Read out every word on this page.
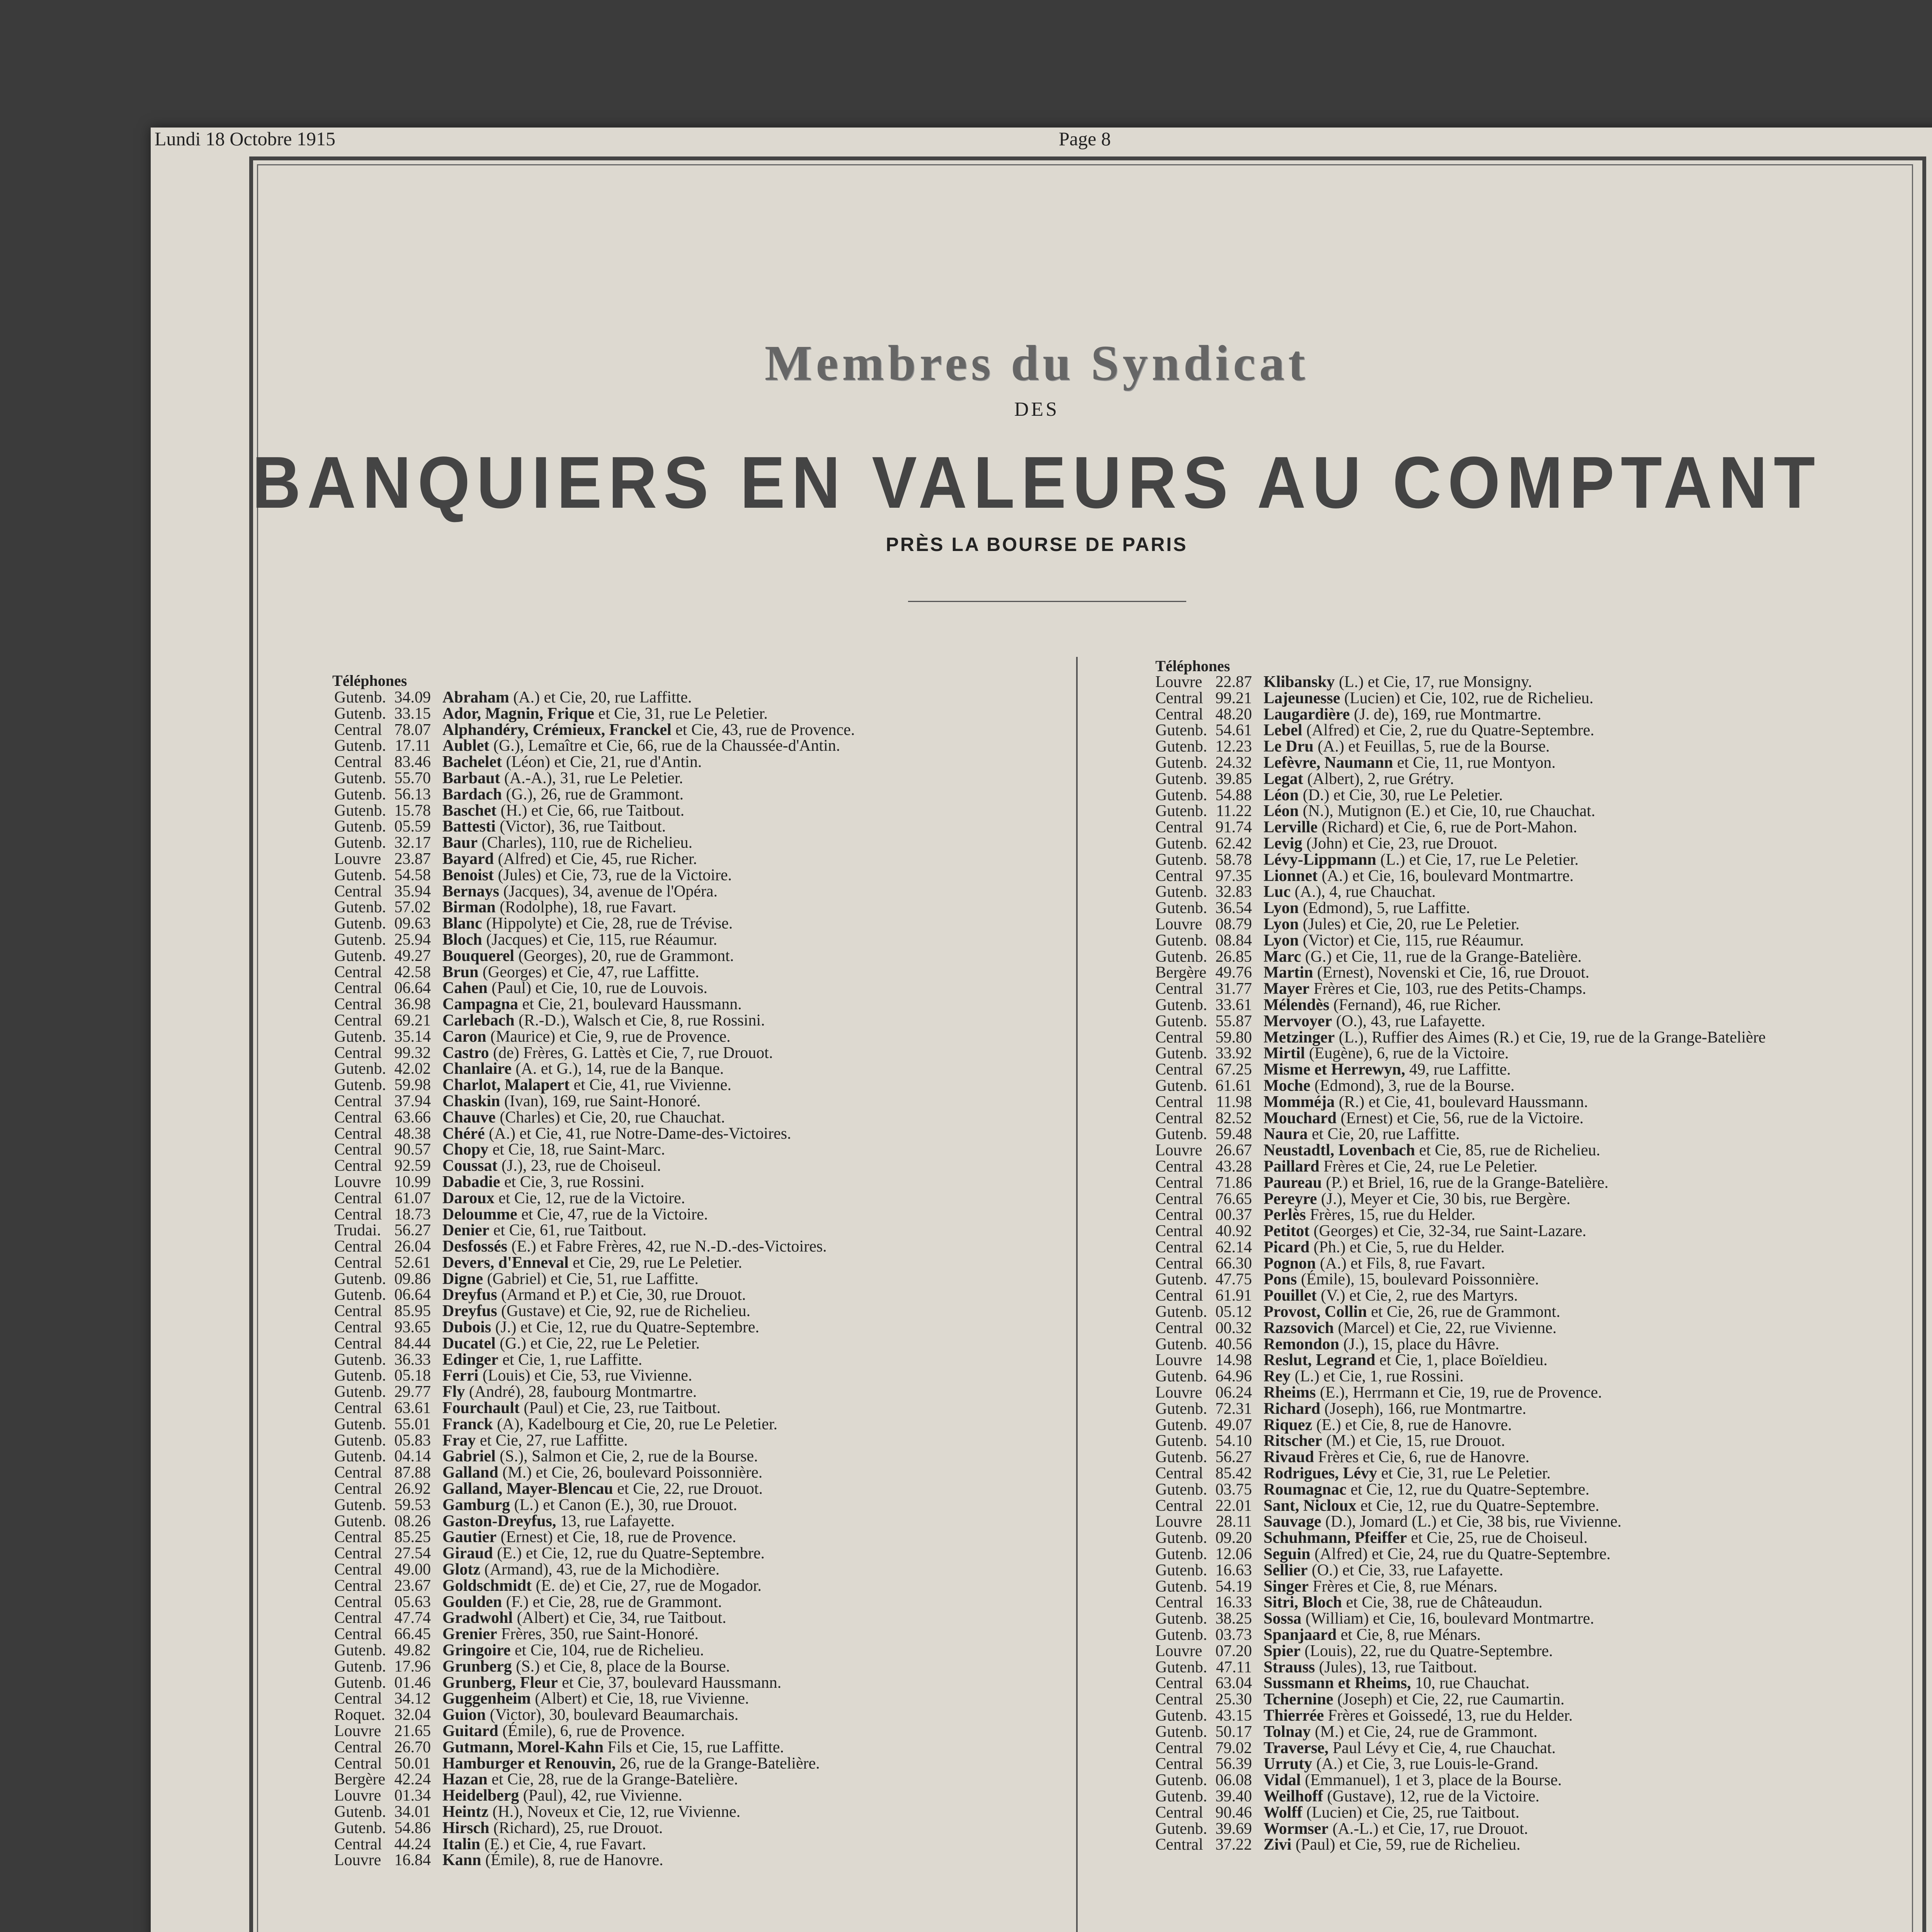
Lundi 18 Octobre 1915	Page 8
Membres du Syndicat
DES
BANQUIERS EN VALEURS AU COMPTANT
PRÈS LA BOURSE DE PARIS
Téléphones
Téléphones
Gutenb. 34.09 Abraham (A.) et Cie, 20, rue Laffitte.
Gutenb. 33.15 Ador, Magnin, Frique et Cie, 31, rue Le Peletier.
Central 78.07 Alphandéry, Crémieux, Franckel et Cie, 43, rue de Provence.
Gutenb. 17.11 Aublet (G.), Lemaître et Cie, 66, rue de la Chaussée-d'Antin.
Central 83.46 Bachelet (Léon) et Cie, 21, rue d'Antin.
Gutenb. 55.70 Barbaut (A.-A.), 31, rue Le Peletier.
Gutenb. 56.13 Bardach (G.), 26, rue de Grammont.
Gutenb. 15.78 Baschet (H.) et Cie, 66, rue Taitbout.
Gutenb. 05.59 Battesti (Victor), 36, rue Taitbout.
Gutenb. 32.17 Baur (Charles), 110, rue de Richelieu.
Louvre 23.87 Bayard (Alfred) et Cie, 45, rue Richer.
Gutenb. 54.58 Benoist (Jules) et Cie, 73, rue de la Victoire.
Central 35.94 Bernays (Jacques), 34, avenue de l'Opéra.
Gutenb. 57.02 Birman (Rodolphe), 18, rue Favart.
Gutenb. 09.63 Blanc (Hippolyte) et Cie, 28, rue de Trévise.
Gutenb. 25.94 Bloch (Jacques) et Cie, 115, rue Réaumur.
Gutenb. 49.27 Bouquerel (Georges), 20, rue de Grammont.
Central 42.58 Brun (Georges) et Cie, 47, rue Laffitte.
Central 06.64 Cahen (Paul) et Cie, 10, rue de Louvois.
Central 36.98 Campagna et Cie, 21, boulevard Haussmann.
Central 69.21 Carlebach (R.-D.), Walsch et Cie, 8, rue Rossini.
Gutenb. 35.14 Caron (Maurice) et Cie, 9, rue de Provence.
Central 99.32 Castro (de) Frères, G. Lattès et Cie, 7, rue Drouot.
Gutenb. 42.02 Chanlaire (A. et G.), 14, rue de la Banque.
Gutenb. 59.98 Charlot, Malapert et Cie, 41, rue Vivienne.
Central 37.94 Chaskin (Ivan), 169, rue Saint-Honoré.
Central 63.66 Chauve (Charles) et Cie, 20, rue Chauchat.
Central 48.38 Chéré (A.) et Cie, 41, rue Notre-Dame-des-Victoires.
Central 90.57 Chopy et Cie, 18, rue Saint-Marc.
Central 92.59 Coussat (J.), 23, rue de Choiseul.
Louvre 10.99 Dabadie et Cie, 3, rue Rossini.
Central 61.07 Daroux et Cie, 12, rue de la Victoire.
Central 18.73 Deloumme et Cie, 47, rue de la Victoire.
Trudai. 56.27 Denier et Cie, 61, rue Taitbout.
Central 26.04 Desfossés (E.) et Fabre Frères, 42, rue N.-D.-des-Victoires.
Central 52.61 Devers, d'Enneval et Cie, 29, rue Le Peletier.
Gutenb. 09.86 Digne (Gabriel) et Cie, 51, rue Laffitte.
Gutenb. 06.64 Dreyfus (Armand et P.) et Cie, 30, rue Drouot.
Central 85.95 Dreyfus (Gustave) et Cie, 92, rue de Richelieu.
Central 93.65 Dubois (J.) et Cie, 12, rue du Quatre-Septembre.
Central 84.44 Ducatel (G.) et Cie, 22, rue Le Peletier.
Gutenb. 36.33 Edinger et Cie, 1, rue Laffitte.
Gutenb. 05.18 Ferri (Louis) et Cie, 53, rue Vivienne.
Gutenb. 29.77 Fly (André), 28, faubourg Montmartre.
Central 63.61 Fourchault (Paul) et Cie, 23, rue Taitbout.
Gutenb. 55.01 Franck (A), Kadelbourg et Cie, 20, rue Le Peletier.
Gutenb. 05.83 Fray et Cie, 27, rue Laffitte.
Gutenb. 04.14 Gabriel (S.), Salmon et Cie, 2, rue de la Bourse.
Central 87.88 Galland (M.) et Cie, 26, boulevard Poissonnière.
Central 26.92 Galland, Mayer-Blencau et Cie, 22, rue Drouot.
Gutenb. 59.53 Gamburg (L.) et Canon (E.), 30, rue Drouot.
Gutenb. 08.26 Gaston-Dreyfus, 13, rue Lafayette.
Central 85.25 Gautier (Ernest) et Cie, 18, rue de Provence.
Central 27.54 Giraud (E.) et Cie, 12, rue du Quatre-Septembre.
Central 49.00 Glotz (Armand), 43, rue de la Michodière.
Central 23.67 Goldschmidt (E. de) et Cie, 27, rue de Mogador.
Central 05.63 Goulden (F.) et Cie, 28, rue de Grammont.
Central 47.74 Gradwohl (Albert) et Cie, 34, rue Taitbout.
Central 66.45 Grenier Frères, 350, rue Saint-Honoré.
Gutenb. 49.82 Gringoire et Cie, 104, rue de Richelieu.
Gutenb. 17.96 Grunberg (S.) et Cie, 8, place de la Bourse.
Gutenb. 01.46 Grunberg, Fleur et Cie, 37, boulevard Haussmann.
Central 34.12 Guggenheim (Albert) et Cie, 18, rue Vivienne.
Roquet. 32.04 Guion (Victor), 30, boulevard Beaumarchais.
Louvre 21.65 Guitard (Émile), 6, rue de Provence.
Central 26.70 Gutmann, Morel-Kahn Fils et Cie, 15, rue Laffitte.
Central 50.01 Hamburger et Renouvin, 26, rue de la Grange-Batelière.
Bergère 42.24 Hazan et Cie, 28, rue de la Grange-Batelière.
Louvre 01.34 Heidelberg (Paul), 42, rue Vivienne.
Gutenb. 34.01 Heintz (H.), Noveux et Cie, 12, rue Vivienne.
Gutenb. 54.86 Hirsch (Richard), 25, rue Drouot.
Central 44.24 Italin (E.) et Cie, 4, rue Favart.
Louvre 16.84 Kann (Émile), 8, rue de Hanovre.
Louvre 22.87 Klibansky (L.) et Cie, 17, rue Monsigny.
Central 99.21 Lajeunesse (Lucien) et Cie, 102, rue de Richelieu.
Central 48.20 Laugardière (J. de), 169, rue Montmartre.
Gutenb. 54.61 Lebel (Alfred) et Cie, 2, rue du Quatre-Septembre.
Gutenb. 12.23 Le Dru (A.) et Feuillas, 5, rue de la Bourse.
Gutenb. 24.32 Lefèvre, Naumann et Cie, 11, rue Montyon.
Gutenb. 39.85 Legat (Albert), 2, rue Grétry.
Gutenb. 54.88 Léon (D.) et Cie, 30, rue Le Peletier.
Gutenb. 11.22 Léon (N.), Mutignon (E.) et Cie, 10, rue Chauchat.
Central 91.74 Lerville (Richard) et Cie, 6, rue de Port-Mahon.
Gutenb. 62.42 Levig (John) et Cie, 23, rue Drouot.
Gutenb. 58.78 Lévy-Lippmann (L.) et Cie, 17, rue Le Peletier.
Central 97.35 Lionnet (A.) et Cie, 16, boulevard Montmartre.
Gutenb. 32.83 Luc (A.), 4, rue Chauchat.
Gutenb. 36.54 Lyon (Edmond), 5, rue Laffitte.
Louvre 08.79 Lyon (Jules) et Cie, 20, rue Le Peletier.
Gutenb. 08.84 Lyon (Victor) et Cie, 115, rue Réaumur.
Gutenb. 26.85 Marc (G.) et Cie, 11, rue de la Grange-Batelière.
Bergère 49.76 Martin (Ernest), Novenski et Cie, 16, rue Drouot.
Central 31.77 Mayer Frères et Cie, 103, rue des Petits-Champs.
Gutenb. 33.61 Mélendès (Fernand), 46, rue Richer.
Gutenb. 55.87 Mervoyer (O.), 43, rue Lafayette.
Central 59.80 Metzinger (L.), Ruffier des Aimes (R.) et Cie, 19, rue de la Grange-Batelière
Gutenb. 33.92 Mirtil (Eugène), 6, rue de la Victoire.
Central 67.25 Misme et Herrewyn, 49, rue Laffitte.
Gutenb. 61.61 Moche (Edmond), 3, rue de la Bourse.
Central 11.98 Momméja (R.) et Cie, 41, boulevard Haussmann.
Central 82.52 Mouchard (Ernest) et Cie, 56, rue de la Victoire.
Gutenb. 59.48 Naura et Cie, 20, rue Laffitte.
Louvre 26.67 Neustadtl, Lovenbach et Cie, 85, rue de Richelieu.
Central 43.28 Paillard Frères et Cie, 24, rue Le Peletier.
Central 71.86 Paureau (P.) et Briel, 16, rue de la Grange-Batelière.
Central 76.65 Pereyre (J.), Meyer et Cie, 30 bis, rue Bergère.
Central 00.37 Perlès Frères, 15, rue du Helder.
Central 40.92 Petitot (Georges) et Cie, 32-34, rue Saint-Lazare.
Central 62.14 Picard (Ph.) et Cie, 5, rue du Helder.
Central 66.30 Pognon (A.) et Fils, 8, rue Favart.
Gutenb. 47.75 Pons (Émile), 15, boulevard Poissonnière.
Central 61.91 Pouillet (V.) et Cie, 2, rue des Martyrs.
Gutenb. 05.12 Provost, Collin et Cie, 26, rue de Grammont.
Central 00.32 Razsovich (Marcel) et Cie, 22, rue Vivienne.
Gutenb. 40.56 Remondon (J.), 15, place du Hâvre.
Louvre 14.98 Reslut, Legrand et Cie, 1, place Boïeldieu.
Gutenb. 64.96 Rey (L.) et Cie, 1, rue Rossini.
Louvre 06.24 Rheims (E.), Herrmann et Cie, 19, rue de Provence.
Gutenb. 72.31 Richard (Joseph), 166, rue Montmartre.
Gutenb. 49.07 Riquez (E.) et Cie, 8, rue de Hanovre.
Gutenb. 54.10 Ritscher (M.) et Cie, 15, rue Drouot.
Gutenb. 56.27 Rivaud Frères et Cie, 6, rue de Hanovre.
Central 85.42 Rodrigues, Lévy et Cie, 31, rue Le Peletier.
Gutenb. 03.75 Roumagnac et Cie, 12, rue du Quatre-Septembre.
Central 22.01 Sant, Nicloux et Cie, 12, rue du Quatre-Septembre.
Louvre 28.11 Sauvage (D.), Jomard (L.) et Cie, 38 bis, rue Vivienne.
Gutenb. 09.20 Schuhmann, Pfeiffer et Cie, 25, rue de Choiseul.
Gutenb. 12.06 Seguin (Alfred) et Cie, 24, rue du Quatre-Septembre.
Gutenb. 16.63 Sellier (O.) et Cie, 33, rue Lafayette.
Gutenb. 54.19 Singer Frères et Cie, 8, rue Ménars.
Central 16.33 Sitri, Bloch et Cie, 38, rue de Châteaudun.
Gutenb. 38.25 Sossa (William) et Cie, 16, boulevard Montmartre.
Gutenb. 03.73 Spanjaard et Cie, 8, rue Ménars.
Louvre 07.20 Spier (Louis), 22, rue du Quatre-Septembre.
Gutenb. 47.11 Strauss (Jules), 13, rue Taitbout.
Central 63.04 Sussmann et Rheims, 10, rue Chauchat.
Central 25.30 Tchernine (Joseph) et Cie, 22, rue Caumartin.
Gutenb. 43.15 Thierrée Frères et Goissedé, 13, rue du Helder.
Gutenb. 50.17 Tolnay (M.) et Cie, 24, rue de Grammont.
Central 79.02 Traverse, Paul Lévy et Cie, 4, rue Chauchat.
Central 56.39 Urruty (A.) et Cie, 3, rue Louis-le-Grand.
Gutenb. 06.08 Vidal (Emmanuel), 1 et 3, place de la Bourse.
Gutenb. 39.40 Weilhoff (Gustave), 12, rue de la Victoire.
Central 90.46 Wolff (Lucien) et Cie, 25, rue Taitbout.
Gutenb. 39.69 Wormser (A.-L.) et Cie, 17, rue Drouot.
Central 37.22 Zivi (Paul) et Cie, 59, rue de Richelieu.
